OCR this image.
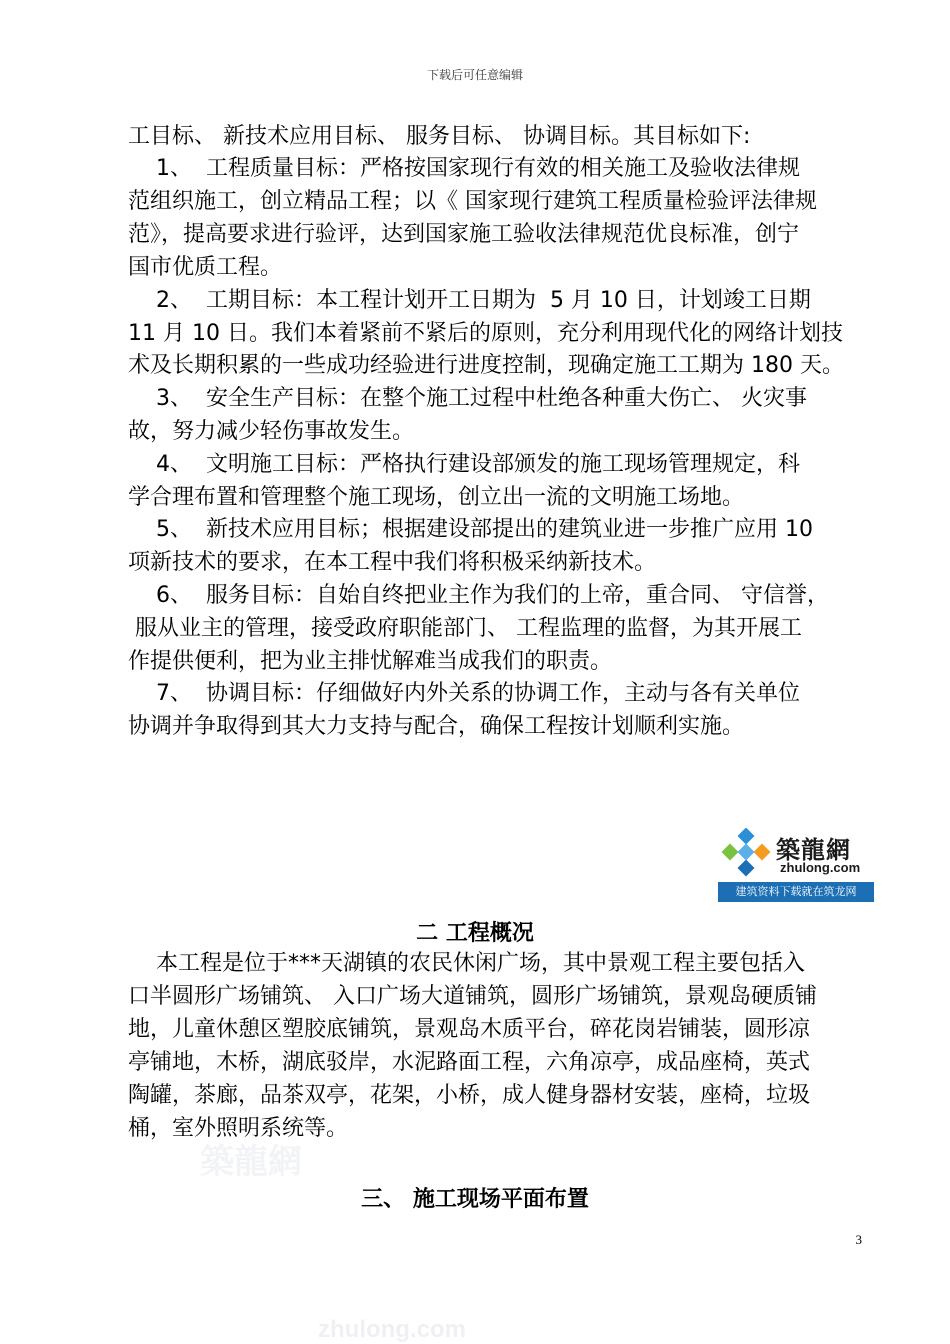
下载后可任意编辑
工目标、 新技术应用目标、 服务目标、 协调目标。其目标如下:
1、  工程质量目标：严格按国家现行有效的相关施工及验收法律规
范组织施工，创立精品工程；以《 国家现行建筑工程质量检验评法律规
范》，提高要求进行验评，达到国家施工验收法律规范优良标准，创宁
国市优质工程。
2、  工期目标：本工程计划开工日期为  5 月 10 日，计划竣工日期
11 月 10 日。我们本着紧前不紧后的原则，充分利用现代化的网络计划技
术及长期积累的一些成功经验进行进度控制，现确定施工工期为 180 天。
3、  安全生产目标：在整个施工过程中杜绝各种重大伤亡、 火灾事
故，努力减少轻伤事故发生。
4、  文明施工目标：严格执行建设部颁发的施工现场管理规定，科
学合理布置和管理整个施工现场，创立出一流的文明施工场地。
5、  新技术应用目标；根据建设部提出的建筑业进一步推广应用 10
项新技术的要求，在本工程中我们将积极采纳新技术。
6、  服务目标：自始自终把业主作为我们的上帝，重合同、 守信誉，
服从业主的管理，接受政府职能部门、 工程监理的监督，为其开展工
作提供便利，把为业主排忧解难当成我们的职责。
7、  协调目标：仔细做好内外关系的协调工作，主动与各有关单位
协调并争取得到其大力支持与配合，确保工程按计划顺利实施。
築龍網
zhulong.com
建筑资料下载就在筑龙网
二 工程概况
本工程是位于***天湖镇的农民休闲广场，其中景观工程主要包括入
口半圆形广场铺筑、 入口广场大道铺筑，圆形广场铺筑，景观岛硬质铺
地，儿童休憩区塑胶底铺筑，景观岛木质平台，碎花岗岩铺装，圆形凉
亭铺地，木桥，湖底驳岸，水泥路面工程，六角凉亭，成品座椅，英式
陶罐，茶廊，品茶双亭，花架，小桥，成人健身器材安装，座椅，垃圾
桶，室外照明系统等。
築龍網
三、 施工现场平面布置
3
zhulong.com
